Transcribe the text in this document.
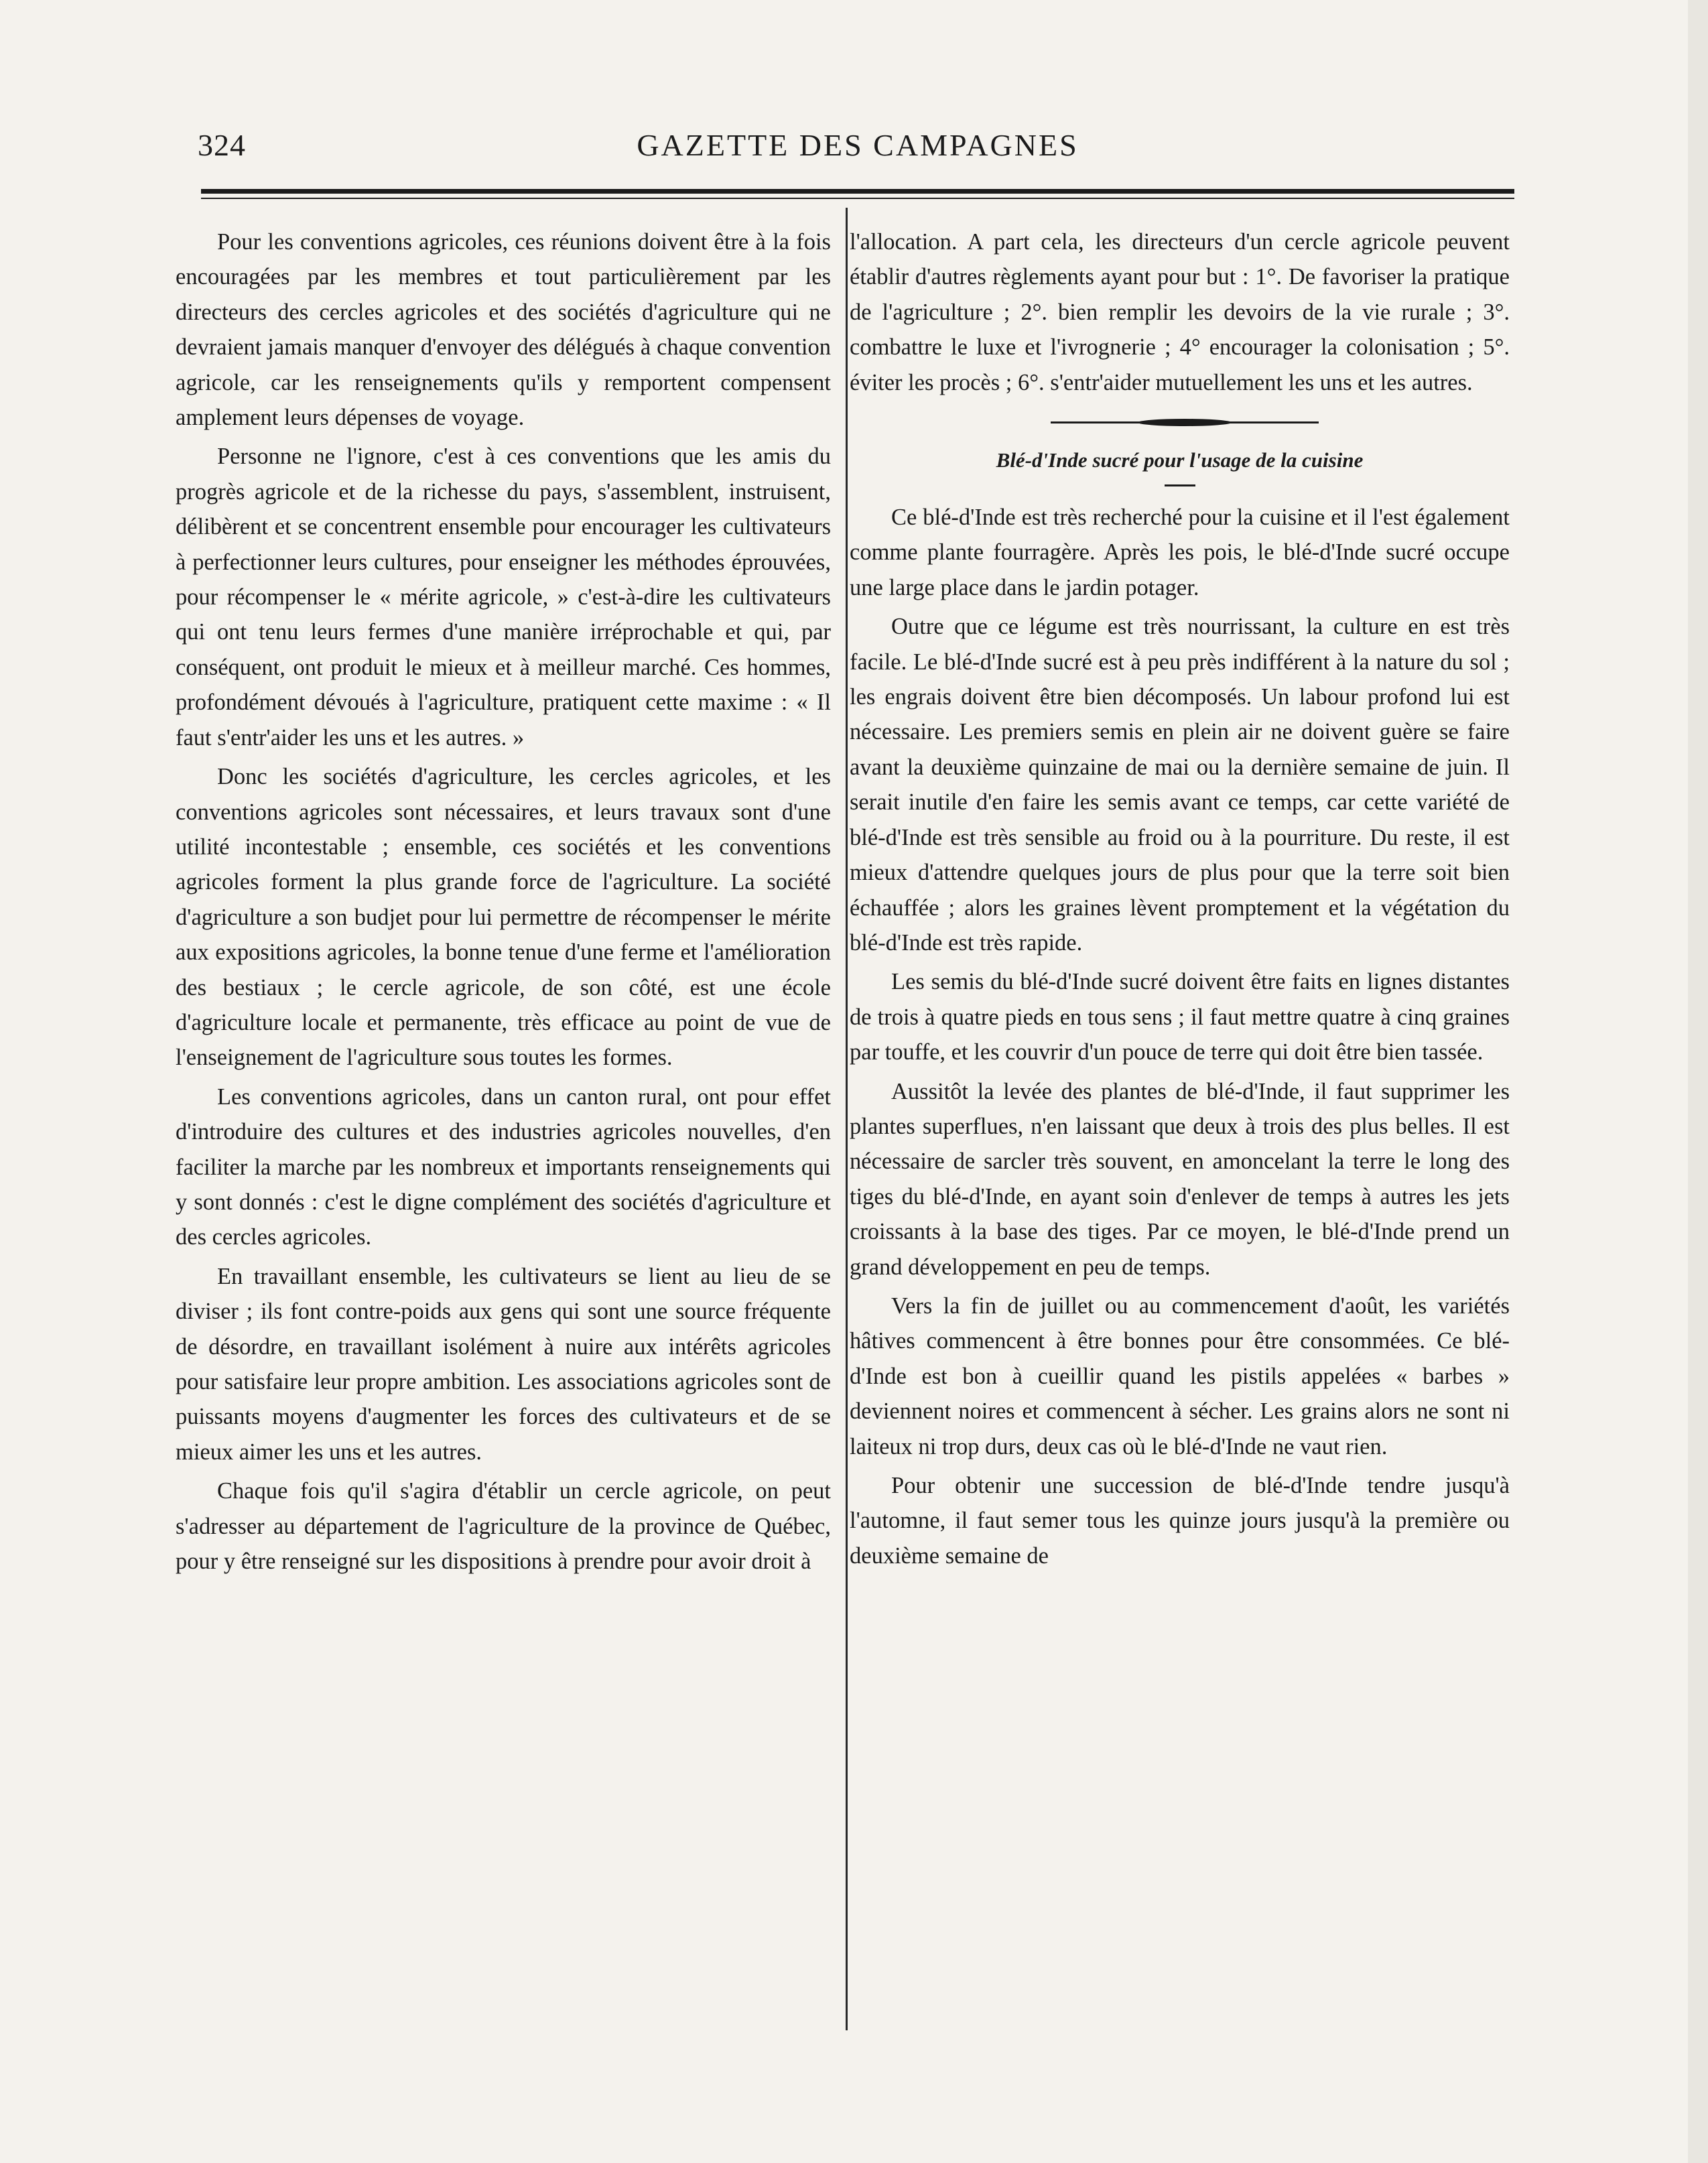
324	GAZETTE DES CAMPAGNES

Pour les conventions agricoles, ces réunions doivent être à la fois encouragées par les membres et tout particulièrement par les directeurs des cercles agricoles et des sociétés d'agriculture qui ne devraient jamais manquer d'envoyer des délégués à chaque convention agricole, car les renseignements qu'ils y remportent compensent amplement leurs dépenses de voyage.

Personne ne l'ignore, c'est à ces conventions que les amis du progrès agricole et de la richesse du pays, s'assemblent, instruisent, délibèrent et se concentrent ensemble pour encourager les cultivateurs à perfectionner leurs cultures, pour enseigner les méthodes éprouvées, pour récompenser le « mérite agricole, » c'est-à-dire les cultivateurs qui ont tenu leurs fermes d'une manière irréprochable et qui, par conséquent, ont produit le mieux et à meilleur marché. Ces hommes, profondément dévoués à l'agriculture, pratiquent cette maxime : « Il faut s'entr'aider les uns et les autres. »

Donc les sociétés d'agriculture, les cercles agricoles, et les conventions agricoles sont nécessaires, et leurs travaux sont d'une utilité incontestable ; ensemble, ces sociétés et les conventions agricoles forment la plus grande force de l'agriculture. La société d'agriculture a son budjet pour lui permettre de récompenser le mérite aux expositions agricoles, la bonne tenue d'une ferme et l'amélioration des bestiaux ; le cercle agricole, de son côté, est une école d'agriculture locale et permanente, très efficace au point de vue de l'enseignement de l'agriculture sous toutes les formes.

Les conventions agricoles, dans un canton rural, ont pour effet d'introduire des cultures et des industries agricoles nouvelles, d'en faciliter la marche par les nombreux et importants renseignements qui y sont donnés : c'est le digne complément des sociétés d'agriculture et des cercles agricoles.

En travaillant ensemble, les cultivateurs se lient au lieu de se diviser ; ils font contre-poids aux gens qui sont une source fréquente de désordre, en travaillant isolément à nuire aux intérêts agricoles pour satisfaire leur propre ambition. Les associations agricoles sont de puissants moyens d'augmenter les forces des cultivateurs et de se mieux aimer les uns et les autres.

Chaque fois qu'il s'agira d'établir un cercle agricole, on peut s'adresser au département de l'agriculture de la province de Québec, pour y être renseigné sur les dispositions à prendre pour avoir droit à

l'allocation. A part cela, les directeurs d'un cercle agricole peuvent établir d'autres règlements ayant pour but : 1°. De favoriser la pratique de l'agriculture ; 2°. bien remplir les devoirs de la vie rurale ; 3°. combattre le luxe et l'ivrognerie ; 4° encourager la colonisation ; 5°. éviter les procès ; 6°. s'entr'aider mutuellement les uns et les autres.

Blé-d'Inde sucré pour l'usage de la cuisine

Ce blé-d'Inde est très recherché pour la cuisine et il l'est également comme plante fourragère. Après les pois, le blé-d'Inde sucré occupe une large place dans le jardin potager.

Outre que ce légume est très nourrissant, la culture en est très facile. Le blé-d'Inde sucré est à peu près indifférent à la nature du sol ; les engrais doivent être bien décomposés. Un labour profond lui est nécessaire. Les premiers semis en plein air ne doivent guère se faire avant la deuxième quinzaine de mai ou la dernière semaine de juin. Il serait inutile d'en faire les semis avant ce temps, car cette variété de blé-d'Inde est très sensible au froid ou à la pourriture. Du reste, il est mieux d'attendre quelques jours de plus pour que la terre soit bien échauffée ; alors les graines lèvent promptement et la végétation du blé-d'Inde est très rapide.

Les semis du blé-d'Inde sucré doivent être faits en lignes distantes de trois à quatre pieds en tous sens ; il faut mettre quatre à cinq graines par touffe, et les couvrir d'un pouce de terre qui doit être bien tassée.

Aussitôt la levée des plantes de blé-d'Inde, il faut supprimer les plantes superflues, n'en laissant que deux à trois des plus belles. Il est nécessaire de sarcler très souvent, en amoncelant la terre le long des tiges du blé-d'Inde, en ayant soin d'enlever de temps à autres les jets croissants à la base des tiges. Par ce moyen, le blé-d'Inde prend un grand développement en peu de temps.

Vers la fin de juillet ou au commencement d'août, les variétés hâtives commencent à être bonnes pour être consommées. Ce blé-d'Inde est bon à cueillir quand les pistils appelées « barbes » deviennent noires et commencent à sécher. Les grains alors ne sont ni laiteux ni trop durs, deux cas où le blé-d'Inde ne vaut rien.

Pour obtenir une succession de blé-d'Inde tendre jusqu'à l'automne, il faut semer tous les quinze jours jusqu'à la première ou deuxième semaine de
